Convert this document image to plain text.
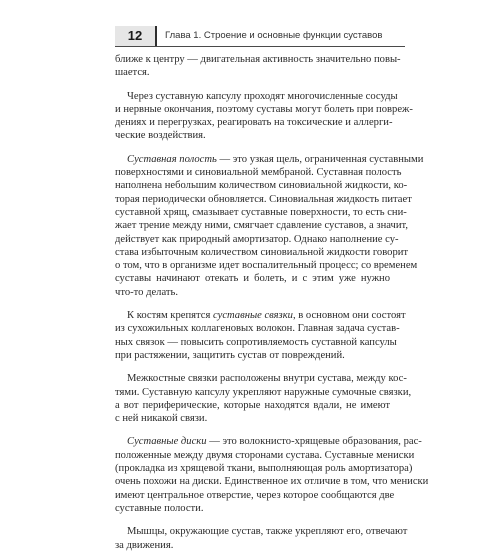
12	Глава 1. Строение и основные функции суставов
ближе к центру — двигательная активность значительно повы-
шается.
Через суставную капсулу проходят многочисленные сосуды
и нервные окончания, поэтому суставы могут болеть при повреж-
дениях и перегрузках, реагировать на токсические и аллерги-
ческие воздействия.
Суставная полость — это узкая щель, ограниченная суставными
поверхностями и синовиальной мембраной. Суставная полость
наполнена небольшим количеством синовиальной жидкости, ко-
торая периодически обновляется. Синовиальная жидкость питает
суставной хрящ, смазывает суставные поверхности, то есть сни-
жает трение между ними, смягчает сдавление суставов, а значит,
действует как природный амортизатор. Однако наполнение су-
става избыточным количеством синовиальной жидкости говорит
о том, что в организме идет воспалительный процесс; со временем
суставы начинают отекать и болеть, и с этим уже нужно
что-то делать.
К костям крепятся суставные связки, в основном они состоят
из сухожильных коллагеновых волокон. Главная задача сустав-
ных связок — повысить сопротивляемость суставной капсулы
при растяжении, защитить сустав от повреждений.
Межкостные связки расположены внутри сустава, между кос-
тями. Суставную капсулу укрепляют наружные сумочные связки,
а вот периферические, которые находятся вдали, не имеют
с ней никакой связи.
Суставные диски — это волокнисто-хрящевые образования, рас-
положенные между двумя сторонами сустава. Суставные мениски
(прокладка из хрящевой ткани, выполняющая роль амортизатора)
очень похожи на диски. Единственное их отличие в том, что мениски
имеют центральное отверстие, через которое сообщаются две
суставные полости.
Мышцы, окружающие сустав, также укрепляют его, отвечают
за движения.
